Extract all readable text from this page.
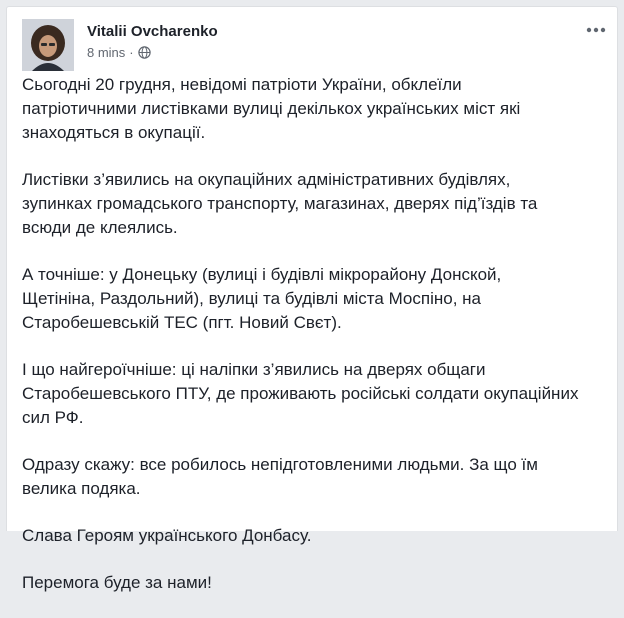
Vitalii Ovcharenko
8 mins ·

Сьогодні 20 грудня, невідомі патріоти України, обклеїли
патріотичними листівками вулиці декількох українських міст які
знаходяться в окупації.

Листівки з’явились на окупаційних адміністративних будівлях,
зупинках громадського транспорту, магазинах, дверях під’їздів та
всюди де клеялись.

А точніше: у Донецьку (вулиці і будівлі мікрорайону Донской,
Щетініна, Раздольний), вулиці та будівлі міста Моспіно, на
Старобешевській ТЕС (пгт. Новий Свєт).

І що найгероїчніше: ці наліпки з’явились на дверях общаги
Старобешевського ПТУ, де проживають російські солдати окупаційних
сил РФ.

Одразу скажу: все робилось непідготовленими людьми. За що їм
велика подяка.

Слава Героям українського Донбасу.

Перемога буде за нами!
